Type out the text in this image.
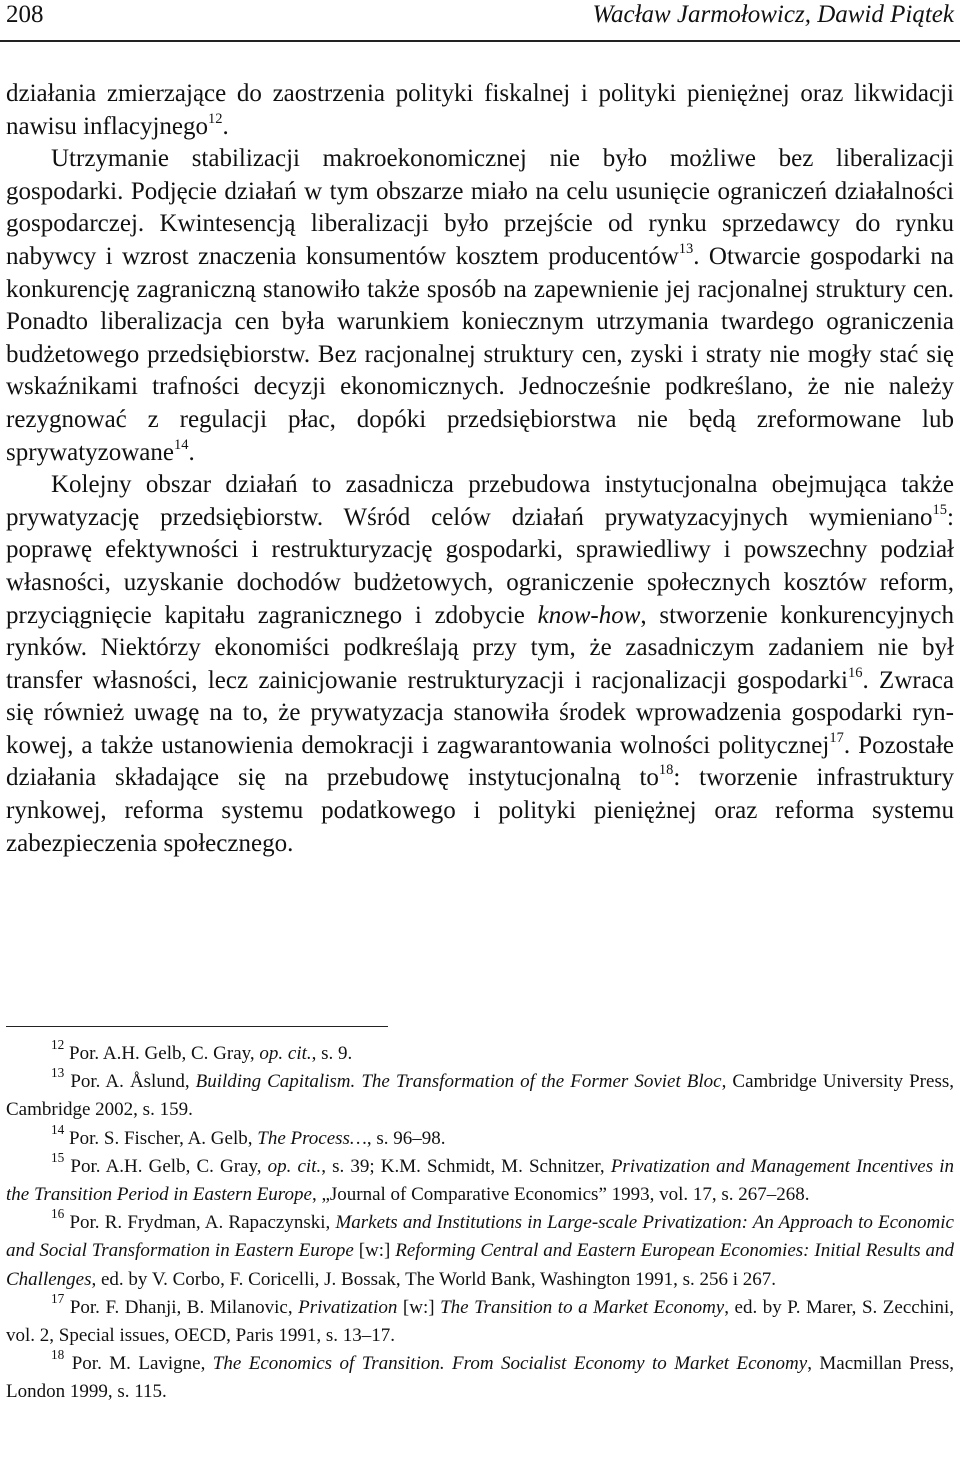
208	Wacław Jarmołowicz, Dawid Piątek

działania zmierzające do zaostrzenia polityki fiskalnej i polityki pieniężnej oraz likwidacji nawisu inflacyjnego$^{12}$.

Utrzymanie stabilizacji makroekonomicznej nie było możliwe bez liberalizacji gospodarki. Podjęcie działań w tym obszarze miało na celu usunięcie ograniczeń działalności gospodarczej. Kwintesencją liberalizacji było przejście od rynku sprzedawcy do rynku nabywcy i wzrost znaczenia konsumentów kosztem producentów$^{13}$. Otwarcie gospodarki na konkurencję zagraniczną stanowiło także sposób na zapewnienie jej racjonalnej struktury cen. Ponadto liberalizacja cen była warunkiem koniecznym utrzymania twardego ograniczenia budżetowego przedsiębiorstw. Bez racjonalnej struktury cen, zyski i straty nie mogły stać się wskaźnikami trafności decyzji ekonomicznych. Jednocześnie podkreślano, że nie należy rezygnować z regulacji płac, dopóki przedsiębiorstwa nie będą zreformowane lub sprywatyzowane$^{14}$.

Kolejny obszar działań to zasadnicza przebudowa instytucjonalna obejmująca także prywatyzację przedsiębiorstw. Wśród celów działań prywatyzacyjnych wymieniano$^{15}$: poprawę efektywności i restrukturyzację gospodarki, sprawiedliwy i powszechny podział własności, uzyskanie dochodów budżetowych, ograniczenie społecznych kosztów reform, przyciągnięcie kapitału zagranicznego i zdobycie know-how, stworzenie konkurencyjnych rynków. Niektórzy ekonomiści podkreślają przy tym, że zasadniczym zadaniem nie był transfer własności, lecz zainicjowanie restrukturyzacji i racjonalizacji gospodarki$^{16}$. Zwraca się również uwagę na to, że prywatyzacja stanowiła środek wprowadzenia gospodarki rynkowej, a także ustanowienia demokracji i zagwarantowania wolności politycznej$^{17}$. Pozostałe działania składające się na przebudowę instytucjonalną $to^{18}$: tworzenie infrastruktury rynkowej, reforma systemu podatkowego i polityki pieniężnej oraz reforma systemu zabezpieczenia społecznego.

$^{12}$ Por. A.H. Gelb, C. Gray, op. cit., s. 9.

$^{13}$ Por. A. Åslund, Building Capitalism. The Transformation of the Former Soviet Bloc, Cambridge University Press, Cambridge 2002, s. 159.

$^{14}$ Por. S. Fischer, A. Gelb, The Process…, s. 96–98.

$^{15}$ Por. A.H. Gelb, C. Gray, op. cit., s. 39; K.M. Schmidt, M. Schnitzer, Privatization and Management Incentives in the Transition Period in Eastern Europe, „Journal of Comparative Economics” 1993, vol. 17, s. 267–268.

$^{16}$ Por. R. Frydman, A. Rapaczynski, Markets and Institutions in Large-scale Privatization: An Approach to Economic and Social Transformation in Eastern Europe [w:] Reforming Central and Eastern European Economies: Initial Results and Challenges, ed. by V. Corbo, F. Coricelli, J. Bossak, The World Bank, Washington 1991, s. 256 i 267.

$^{17}$ Por. F. Dhanji, B. Milanovic, Privatization [w:] The Transition to a Market Economy, ed. by P. Marer, S. Zecchini, vol. 2, Special issues, OECD, Paris 1991, s. 13–17.

$^{18}$ Por. M. Lavigne, The Economics of Transition. From Socialist Economy to Market Economy, Macmillan Press, London 1999, s. 115.
